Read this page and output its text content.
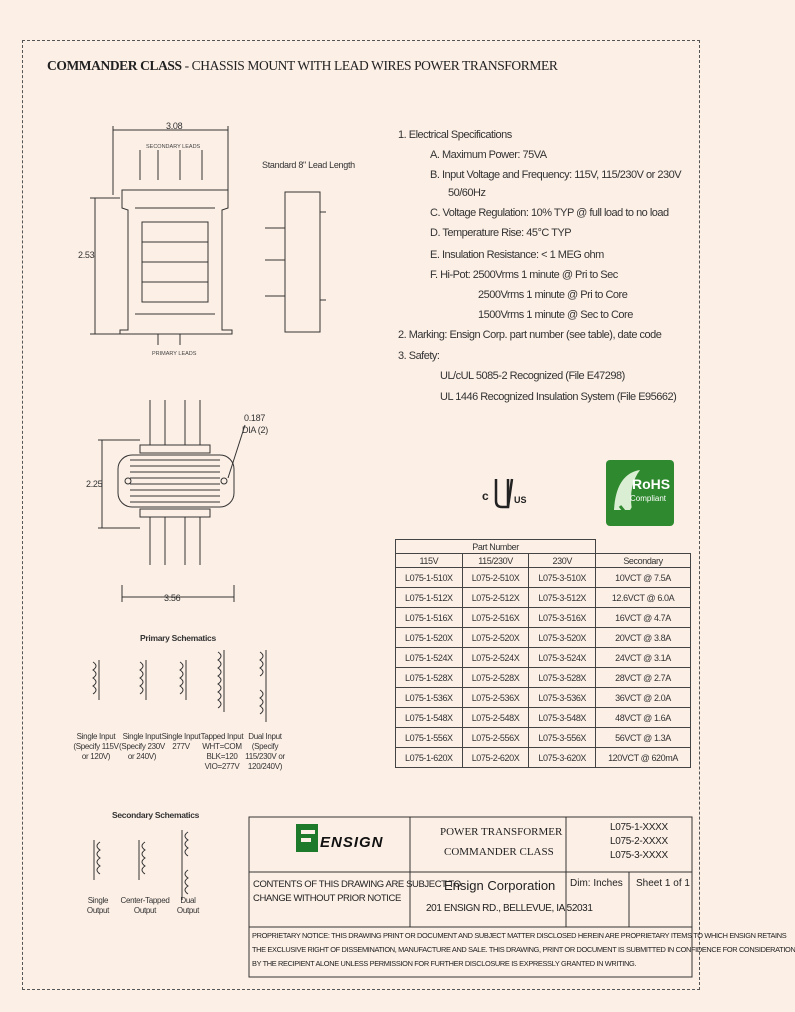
COMMANDER CLASS - CHASSIS MOUNT WITH LEAD WIRES POWER TRANSFORMER
3.08
SECONDARY LEADS
2.53
PRIMARY LEADS
Standard 8" Lead Length
0.187
DIA (2)
2.25
3.56
1. Electrical Specifications
A. Maximum Power: 75VA
B. Input Voltage and Frequency: 115V, 115/230V or 230V
50/60Hz
C. Voltage Regulation: 10% TYP @ full load to no load
D. Temperature Rise: 45°C TYP
E. Insulation Resistance: < 1 MEG ohm
F. Hi-Pot: 2500Vrms 1 minute @ Pri to Sec
2500Vrms 1 minute @ Pri to Core
1500Vrms 1 minute @ Sec to Core
2. Marking: Ensign Corp. part number (see table), date code
3. Safety:
UL/cUL 5085-2 Recognized (File E47298)
UL 1446 Recognized Insulation System (File E95662)
c	US
RoHS
Compliant
Primary Schematics
Single Input
(Specify 115V
or 120V)
Single Input
(Specify 230V
or 240V)
Single Input
277V
Tapped Input
WHT=COM
BLK=120
VIO=277V
Dual Input
(Specify
115/230V or
120/240V)
Secondary Schematics
Single
Output
Center-Tapped
Output
Dual
Output
Part Number			
115V	115/230V	230V	Secondary
L075-1-510X	L075-2-510X	L075-3-510X	10VCT @ 7.5A
L075-1-512X	L075-2-512X	L075-3-512X	12.6VCT @ 6.0A
L075-1-516X	L075-2-516X	L075-3-516X	16VCT @ 4.7A
L075-1-520X	L075-2-520X	L075-3-520X	20VCT @ 3.8A
L075-1-524X	L075-2-524X	L075-3-524X	24VCT @ 3.1A
L075-1-528X	L075-2-528X	L075-3-528X	28VCT @ 2.7A
L075-1-536X	L075-2-536X	L075-3-536X	36VCT @ 2.0A
L075-1-548X	L075-2-548X	L075-3-548X	48VCT @ 1.6A
L075-1-556X	L075-2-556X	L075-3-556X	56VCT @ 1.3A
L075-1-620X	L075-2-620X	L075-3-620X	120VCT @ 620mA
ENSIGN
POWER TRANSFORMER
COMMANDER CLASS
L075-1-XXXX
L075-2-XXXX
L075-3-XXXX
CONTENTS OF THIS DRAWING ARE SUBJECT TO
CHANGE WITHOUT PRIOR NOTICE
Ensign Corporation
201 ENSIGN RD., BELLEVUE, IA 52031
Dim: Inches Sheet 1 of 1
PROPRIETARY NOTICE: THIS DRAWING PRINT OR DOCUMENT AND SUBJECT MATTER DISCLOSED HEREIN ARE PROPRIETARY ITEMS TO WHICH ENSIGN RETAINS
THE EXCLUSIVE RIGHT OF DISSEMINATION, MANUFACTURE AND SALE. THIS DRAWING, PRINT OR DOCUMENT IS SUBMITTED IN CONFIDENCE FOR CONSIDERATION
BY THE RECIPIENT ALONE UNLESS PERMISSION FOR FURTHER DISCLOSURE IS EXPRESSLY GRANTED IN WRITING.
